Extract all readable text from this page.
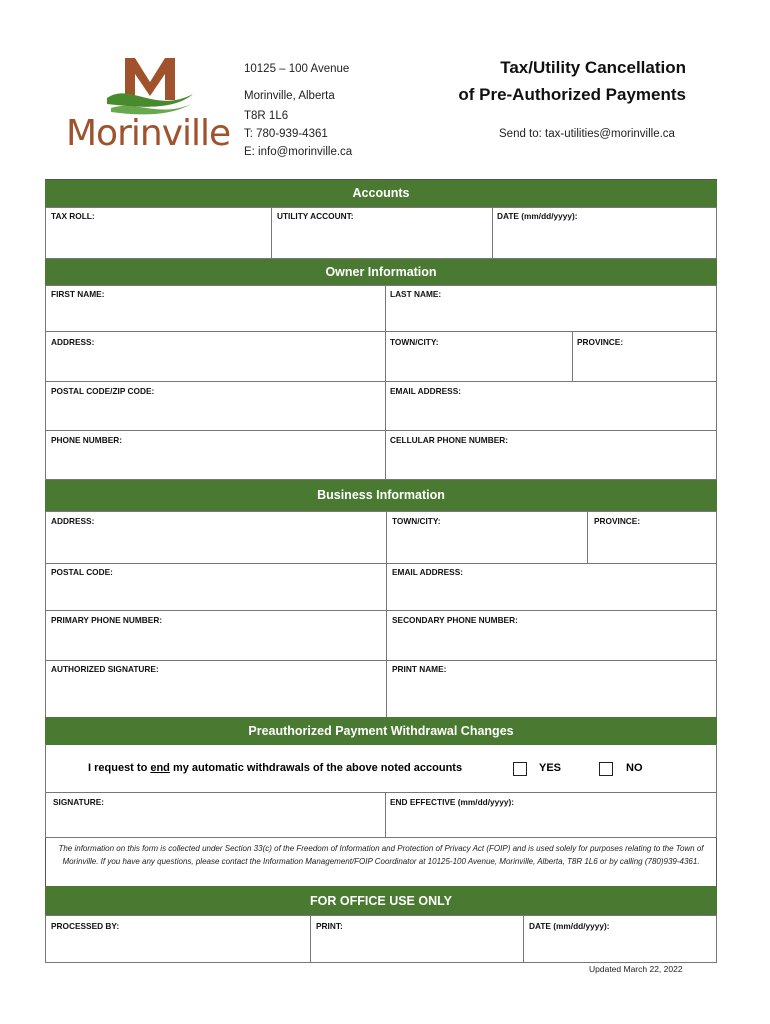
Morinville
10125 – 100 Avenue
Morinville, Alberta
T8R 1L6
T: 780-939-4361
E: info@morinville.ca
Tax/Utility Cancellation
of Pre-Authorized Payments
Send to: tax-utilities@morinville.ca
Accounts
TAX ROLL:	UTILITY ACCOUNT:	DATE (mm/dd/yyyy):
Owner Information
FIRST NAME:	LAST NAME:
ADDRESS:	TOWN/CITY:	PROVINCE:
POSTAL CODE/ZIP CODE:	EMAIL ADDRESS:
PHONE NUMBER:	CELLULAR PHONE NUMBER:
Business Information
ADDRESS:	TOWN/CITY:	PROVINCE:
POSTAL CODE:	EMAIL ADDRESS:
PRIMARY PHONE NUMBER:	SECONDARY PHONE NUMBER:
AUTHORIZED SIGNATURE:	PRINT NAME:
Preauthorized Payment Withdrawal Changes
I request to end my automatic withdrawals of the above noted accounts	YES	NO
SIGNATURE:	END EFFECTIVE (mm/dd/yyyy):
The information on this form is collected under Section 33(c) of the Freedom of Information and Protection of Privacy Act (FOIP) and is used solely for purposes relating to the Town of Morinville. If you have any questions, please contact the Information Management/FOIP Coordinator at 10125-100 Avenue, Morinville, Alberta, T8R 1L6 or by calling (780)939-4361.
FOR OFFICE USE ONLY
PROCESSED BY:	PRINT:	DATE (mm/dd/yyyy):
Updated March 22, 2022
